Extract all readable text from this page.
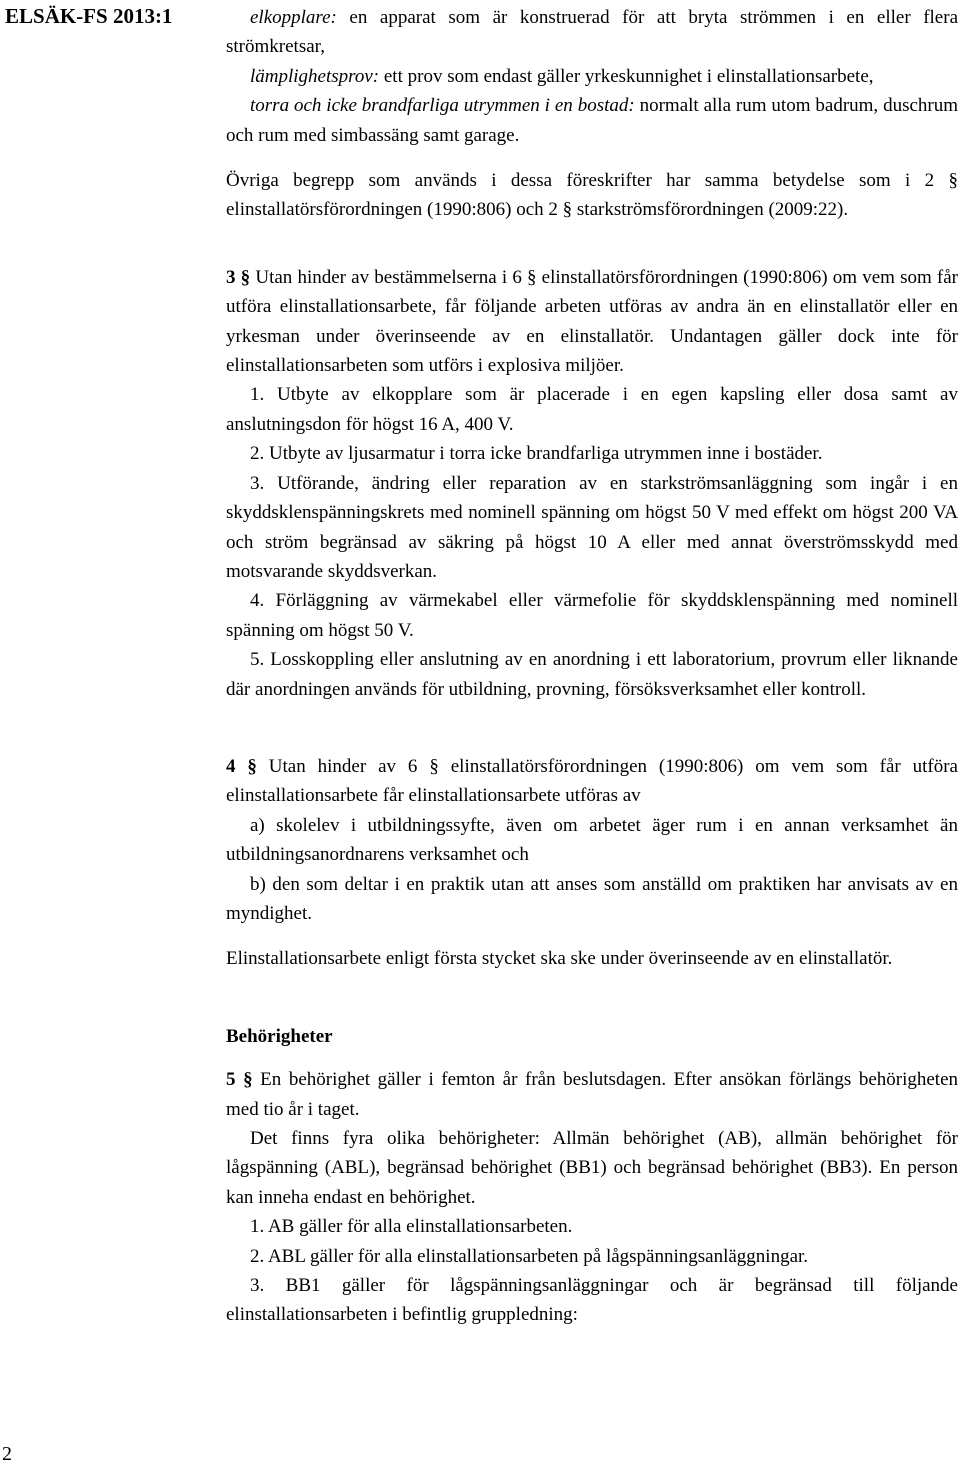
ELSÄK-FS 2013:1	elkopplare: en apparat som är konstruerad för att bryta strömmen i en eller flera strömkretsar,

lämplighetsprov: ett prov som endast gäller yrkeskunnighet i elinstallationsarbete,

torra och icke brandfarliga utrymmen i en bostad: normalt alla rum utom badrum, duschrum och rum med simbassäng samt garage.

Övriga begrepp som används i dessa föreskrifter har samma betydelse som i 2 § elinstallatörsförordningen (1990:806) och 2 § starkströmsförordningen (2009:22).

3 § Utan hinder av bestämmelserna i 6 § elinstallatörsförordningen (1990:806) om vem som får utföra elinstallationsarbete, får följande arbeten utföras av andra än en elinstallatör eller en yrkesman under överinseende av en elinstallatör. Undantagen gäller dock inte för elinstallationsarbeten som utförs i explosiva miljöer.

1. Utbyte av elkopplare som är placerade i en egen kapsling eller dosa samt av anslutningsdon för högst 16 A, 400 V.

2. Utbyte av ljusarmatur i torra icke brandfarliga utrymmen inne i bostäder.

3. Utförande, ändring eller reparation av en starkströmsanläggning som ingår i en skyddsklenspänningskrets med nominell spänning om högst 50 V med effekt om högst 200 VA och ström begränsad av säkring på högst 10 A eller med annat överströmsskydd med motsvarande skyddsverkan.

4. Förläggning av värmekabel eller värmefolie för skyddsklenspänning med nominell spänning om högst 50 V.

5. Losskoppling eller anslutning av en anordning i ett laboratorium, provrum eller liknande där anordningen används för utbildning, provning, försöksverksamhet eller kontroll.

4 § Utan hinder av 6 § elinstallatörsförordningen (1990:806) om vem som får utföra elinstallationsarbete får elinstallationsarbete utföras av

a) skolelev i utbildningssyfte, även om arbetet äger rum i en annan verksamhet än utbildningsanordnarens verksamhet och

b) den som deltar i en praktik utan att anses som anställd om praktiken har anvisats av en myndighet.

Elinstallationsarbete enligt första stycket ska ske under överinseende av en elinstallatör.

Behörigheter

5 § En behörighet gäller i femton år från beslutsdagen. Efter ansökan förlängs behörigheten med tio år i taget.

Det finns fyra olika behörigheter: Allmän behörighet (AB), allmän behörighet för lågspänning (ABL), begränsad behörighet (BB1) och begränsad behörighet (BB3). En person kan inneha endast en behörighet.

1. AB gäller för alla elinstallationsarbeten.

2. ABL gäller för alla elinstallationsarbeten på lågspänningsanläggningar.

3. BB1 gäller för lågspänningsanläggningar och är begränsad till följande elinstallationsarbeten i befintlig gruppledning:

2
